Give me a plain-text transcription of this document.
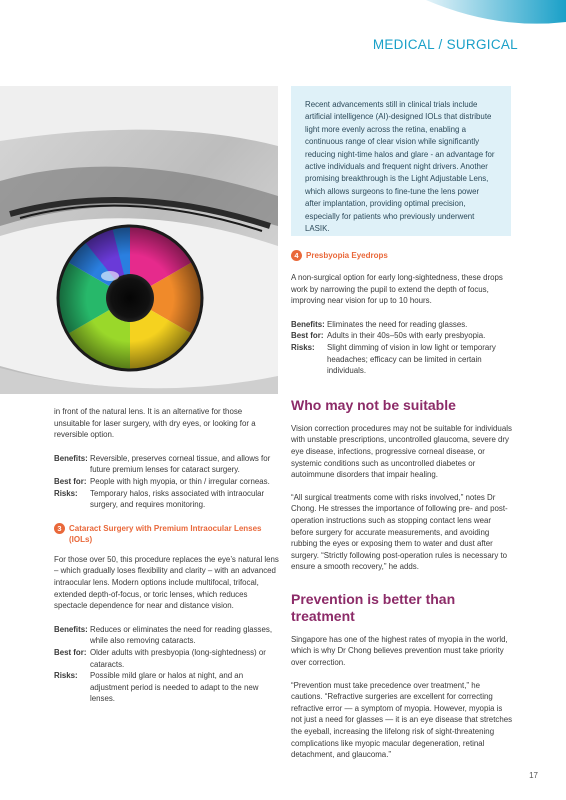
MEDICAL / SURGICAL

Recent advancements still in clinical trials include artificial intelligence (AI)-designed IOLs that distribute light more evenly across the retina, enabling a continuous range of clear vision while significantly reducing night-time halos and glare - an advantage for active individuals and frequent night drivers. Another promising breakthrough is the Light Adjustable Lens, which allows surgeons to fine-tune the lens power after implantation, providing optimal precision, especially for patients who previously underwent LASIK.

in front of the natural lens. It is an alternative for those unsuitable for laser surgery, with dry eyes, or looking for a reversible option.

Benefits: Reversible, preserves corneal tissue, and allows for future premium lenses for cataract surgery.
Best for: People with high myopia, or thin / irregular corneas.
Risks:	Temporary halos, risks associated with intraocular surgery, and requires monitoring.
3 Cataract Surgery with Premium Intraocular Lenses (IOLs)

For those over 50, this procedure replaces the eye’s natural lens – which gradually loses flexibility and clarity – with an advanced intraocular lens. Modern options include multifocal, trifocal, extended depth-of-focus, or toric lenses, which reduces spectacle dependence for near and distance vision.

Benefits: Reduces or eliminates the need for reading glasses, while also removing cataracts.
Best for: Older adults with presbyopia (long-sightedness) or cataracts.
Risks:	Possible mild glare or halos at night, and an adjustment period is needed to adapt to the new lenses.
4 Presbyopia Eyedrops

A non-surgical option for early long-sightedness, these drops work by narrowing the pupil to extend the depth of focus, improving near vision for up to 10 hours.

Benefits: Eliminates the need for reading glasses.
Best for: Adults in their 40s–50s with early presbyopia.
Risks:	Slight dimming of vision in low light or temporary headaches; efficacy can be limited in certain individuals.
Who may not be suitable

Vision correction procedures may not be suitable for individuals with unstable prescriptions, uncontrolled glaucoma, severe dry eye disease, infections, progressive corneal disease, or systemic conditions such as uncontrolled diabetes or autoimmune disorders that impair healing.

“All surgical treatments come with risks involved,” notes Dr Chong. He stresses the importance of following pre- and post-operation instructions such as stopping contact lens wear before surgery for accurate measurements, and avoiding rubbing the eyes or exposing them to water and dust after surgery. “Strictly following post-operation rules is necessary to ensure a smooth recovery,” he adds.

Prevention is better than treatment

Singapore has one of the highest rates of myopia in the world, which is why Dr Chong believes prevention must take priority over correction.

“Prevention must take precedence over treatment,” he cautions. “Refractive surgeries are excellent for correcting refractive error — a symptom of myopia. However, myopia is not just a need for glasses — it is an eye disease that stretches the eyeball, increasing the lifelong risk of sight-threatening complications like myopic macular degeneration, retinal detachment, and glaucoma.”

17
